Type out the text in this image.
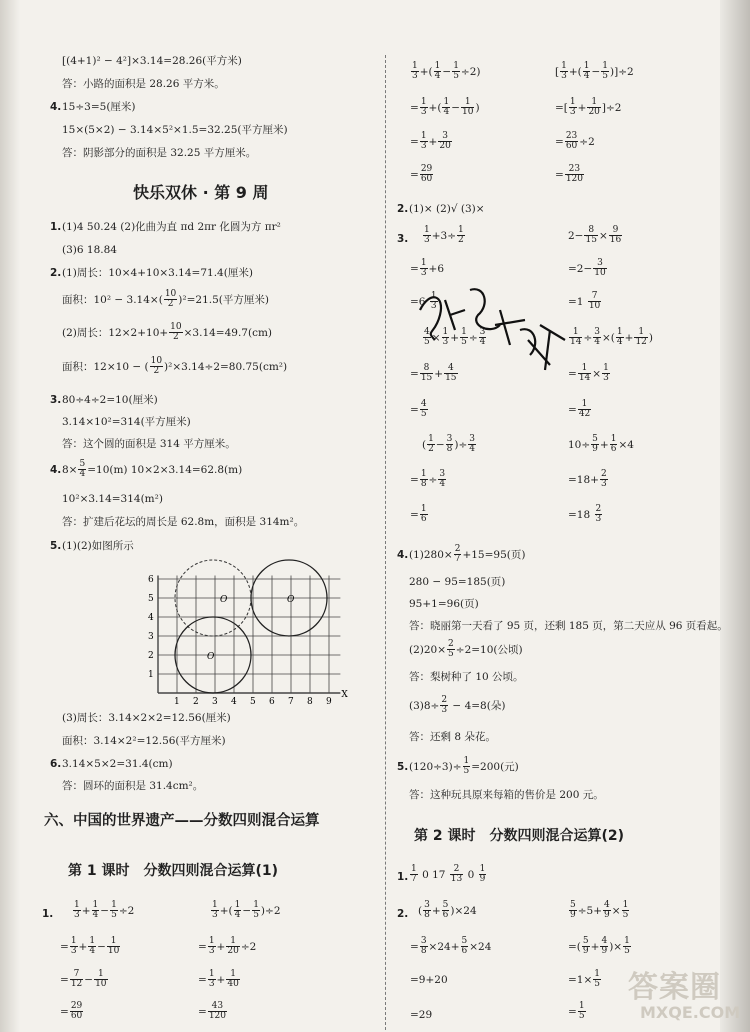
[(4+1)² − 4²]×3.14=28.26(平方米)
答：小路的面积是 28.26 平方米。
4. 15÷3=5(厘米)
15×(5×2) − 3.14×5²×1.5=32.25(平方厘米)
答：阴影部分的面积是 32.25 平方厘米。
快乐双休 · 第 9 周
1. (1)4 50.24 (2)化曲为直 πd 2πr 化圆为方 πr²
(3)6 18.84
2. (1)周长：10×4+10×3.14=71.4(厘米)
面积：$10^2 - 3.14\times( \frac{10}{2} )^2=21.5$(平方厘米)
(2)周长：$12\times 2+10+ \frac{10}{2} \times 3.14=49.7(cm)$
面积：12×10 − ( $\frac{10}{2} )^2\times 3.14\div 2=80.75(cm^2)$
3. 80÷4÷2=10(厘米)
3.14×10²=314(平方厘米)
答：这个圆的面积是 314 平方厘米。
4. $8\times \frac{5}{4} =10(m)$ 10×2×3.14=62.8(m)
10²×3.14=314(m²)
答：扩建后花坛的周长是 62.8m，面积是 314m²。
5. (1)(2)如图所示
X
1 2 3 4 5 6 7 8 9
1
2
3
4
5
6
O	O
O
(3)周长：3.14×2×2=12.56(厘米)
面积：3.14×2²=12.56(平方厘米)
6. 3.14×5×2=31.4(cm)
答：圆环的面积是 31.4cm²。
六、中国的世界遗产——分数四则混合运算
第 1 课时　分数四则混合运算(1)
1.
2. (1)× (2)√ (3)×
3.
4. $(1)280\times \frac{2}{7} +15=95$(页)
280 − 95=185(页)
95+1=96(页)
答：晓丽第一天看了 95 页，还剩 185 页，第二天应从 96 页看起。
$(2)20\times \frac{2}{5} \div 2=10$(公顷)
答：梨树种了 10 公顷。
$(3)8\div \frac{2}{3} - 4=8$(朵)
答：还剩 8 朵花。
5. $(120\div 3)\div \frac{1}{5} =200$(元)
答：这种玩具原来每箱的售价是 200 元。
第 2 课时　分数四则混合运算(2)
1.
2.
$\frac{1}{3}$ +( $\frac{1}{4} - \frac{1}{5} \div 2$)	[ $\frac{1}{3}$ +( $\frac{1}{4} - \frac{1}{5} )]\div 2$
= $\frac{1}{3}$ +( $\frac{1}{4} - \frac{1}{10}$ )	=[ $\frac{1}{3} + \frac{1}{20} ]\div 2$
= $\frac{1}{3} + \frac{3}{20}$	= $\frac{23}{60} \div 2$
= $\frac{29}{60}$	= $\frac{23}{120}$
$\frac{1}{3} +3\div \frac{1}{2}$	$2- \frac{8}{15} \times \frac{9}{16}$
= $\frac{1}{3} +6$	$=2- \frac{3}{10}$
$=6 \frac{1}{3}$	$=1 \frac{7}{10}$
$\frac{4}{5} \times \frac{1}{3} + \frac{1}{5} \div \frac{3}{4}$	$\frac{1}{14} \div \frac{3}{4}$ ×( $\frac{1}{4} + \frac{1}{12}$ )
= $\frac{8}{15} + \frac{4}{15}$	= $\frac{1}{14} \times \frac{1}{3}$
= $\frac{4}{5}$	= $\frac{1}{42}$
( $\frac{1}{2} - \frac{3}{8}$ )÷ $\frac{3}{4}$	$10\div \frac{5}{9} + \frac{1}{6} \times 4$
= $\frac{1}{8} \div \frac{3}{4}$	$=18+ \frac{2}{3}$
= $\frac{1}{6}$	$=18 \frac{2}{3}$
$\frac{1}{7} 0$ $17 \frac{2}{13} 0 \frac{1}{9}$
( $\frac{3}{8} + \frac{5}{6} )\times 24$	$\frac{5}{9} \div 5+ \frac{4}{9} \times \frac{1}{5}$
= $\frac{3}{8} \times 24+ \frac{5}{6} \times 24$	=( $\frac{5}{9} + \frac{4}{9}$ )× $\frac{1}{5}$
=9+20	$=1\times \frac{1}{5}$
=29	= $\frac{1}{5}$
$\frac{1}{3} + \frac{1}{4} - \frac{1}{5} \div 2$	$\frac{1}{3}$ +( $\frac{1}{4} - \frac{1}{5} )\div 2$
= $\frac{1}{3} + \frac{1}{4} - \frac{1}{10}$	= $\frac{1}{3} + \frac{1}{20} \div 2$
= $\frac{7}{12} - \frac{1}{10}$	= $\frac{1}{3} + \frac{1}{40}$
= $\frac{29}{60}$	= $\frac{43}{120}$
答案圈
MXQE.COM
